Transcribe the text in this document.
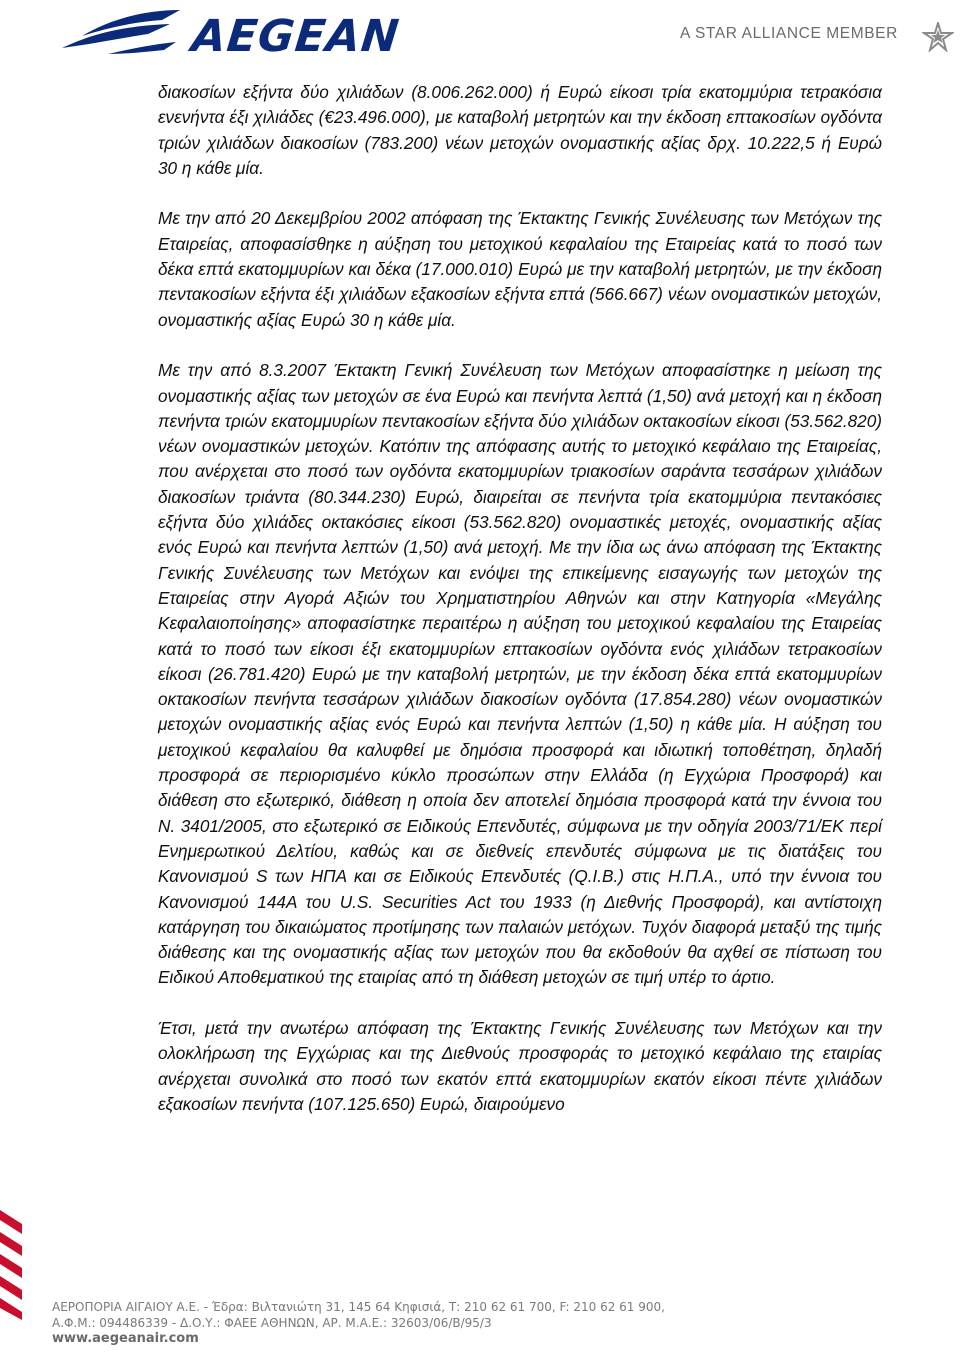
AEGEAN	A STAR ALLIANCE MEMBER

διακοσίων εξήντα δύο χιλιάδων (8.006.262.000) ή Ευρώ είκοσι τρία εκατομμύρια τετρακόσια ενενήντα έξι χιλιάδες (€23.496.000), με καταβολή μετρητών και την έκδοση επτακοσίων ογδόντα τριών χιλιάδων διακοσίων (783.200) νέων μετοχών ονομαστικής αξίας δρχ. 10.222,5 ή Ευρώ 30 η κάθε μία.

Με την από 20 Δεκεμβρίου 2002 απόφαση της Έκτακτης Γενικής Συνέλευσης των Μετόχων της Εταιρείας, αποφασίσθηκε η αύξηση του μετοχικού κεφαλαίου της Εταιρείας κατά το ποσό των δέκα επτά εκατομμυρίων και δέκα (17.000.010) Ευρώ με την καταβολή μετρητών, με την έκδοση πεντακοσίων εξήντα έξι χιλιάδων εξακοσίων εξήντα επτά (566.667) νέων ονομαστικών μετοχών, ονομαστικής αξίας Ευρώ 30 η κάθε μία.

Με την από 8.3.2007 Έκτακτη Γενική Συνέλευση των Μετόχων αποφασίστηκε η μείωση της ονομαστικής αξίας των μετοχών σε ένα Ευρώ και πενήντα λεπτά (1,50) ανά μετοχή και η έκδοση πενήντα τριών εκατομμυρίων πεντακοσίων εξήντα δύο χιλιάδων οκτακοσίων είκοσι (53.562.820) νέων ονομαστικών μετοχών. Κατόπιν της απόφασης αυτής το μετοχικό κεφάλαιο της Εταιρείας, που ανέρχεται στο ποσό των ογδόντα εκατομμυρίων τριακοσίων σαράντα τεσσάρων χιλιάδων διακοσίων τριάντα (80.344.230) Ευρώ, διαιρείται σε πενήντα τρία εκατομμύρια πεντακόσιες εξήντα δύο χιλιάδες οκτακόσιες είκοσι (53.562.820) ονομαστικές μετοχές, ονομαστικής αξίας ενός Ευρώ και πενήντα λεπτών (1,50) ανά μετοχή. Με την ίδια ως άνω απόφαση της Έκτακτης Γενικής Συνέλευσης των Μετόχων και ενόψει της επικείμενης εισαγωγής των μετοχών της Εταιρείας στην Αγορά Αξιών του Χρηματιστηρίου Αθηνών και στην Κατηγορία «Μεγάλης Κεφαλαιοποίησης» αποφασίστηκε περαιτέρω η αύξηση του μετοχικού κεφαλαίου της Εταιρείας κατά το ποσό των είκοσι έξι εκατομμυρίων επτακοσίων ογδόντα ενός χιλιάδων τετρακοσίων είκοσι (26.781.420) Ευρώ με την καταβολή μετρητών, με την έκδοση δέκα επτά εκατομμυρίων οκτακοσίων πενήντα τεσσάρων χιλιάδων διακοσίων ογδόντα (17.854.280) νέων ονομαστικών μετοχών ονομαστικής αξίας ενός Ευρώ και πενήντα λεπτών (1,50) η κάθε μία. Η αύξηση του μετοχικού κεφαλαίου θα καλυφθεί με δημόσια προσφορά και ιδιωτική τοποθέτηση, δηλαδή προσφορά σε περιορισμένο κύκλο προσώπων στην Ελλάδα (η Εγχώρια Προσφορά) και διάθεση στο εξωτερικό, διάθεση η οποία δεν αποτελεί δημόσια προσφορά κατά την έννοια του Ν. 3401/2005, στο εξωτερικό σε Ειδικούς Επενδυτές, σύμφωνα με την οδηγία 2003/71/ΕΚ περί Ενημερωτικού Δελτίου, καθώς και σε διεθνείς επενδυτές σύμφωνα με τις διατάξεις του Κανονισμού S των ΗΠΑ και σε Ειδικούς Επενδυτές (Q.I.B.) στις Η.Π.Α., υπό την έννοια του Κανονισμού 144Α του U.S. Securities Act του 1933 (η Διεθνής Προσφορά), και αντίστοιχη κατάργηση του δικαιώματος προτίμησης των παλαιών μετόχων. Τυχόν διαφορά μεταξύ της τιμής διάθεσης και της ονομαστικής αξίας των μετοχών που θα εκδοθούν θα αχθεί σε πίστωση του Ειδικού Αποθεματικού της εταιρίας από τη διάθεση μετοχών σε τιμή υπέρ το άρτιο.

Έτσι, μετά την ανωτέρω απόφαση της Έκτακτης Γενικής Συνέλευσης των Μετόχων και την ολοκλήρωση της Εγχώριας και της Διεθνούς προσφοράς το μετοχικό κεφάλαιο της εταιρίας ανέρχεται συνολικά στο ποσό των εκατόν επτά εκατομμυρίων εκατόν είκοσι πέντε χιλιάδων εξακοσίων πενήντα (107.125.650) Ευρώ, διαιρούμενο

ΑΕΡΟΠΟΡΙΑ ΑΙΓΑΙΟΥ Α.Ε. - Έδρα: Βιλτανιώτη 31, 145 64 Κηφισιά, Τ: 210 62 61 700, F: 210 62 61 900,
Α.Φ.Μ.: 094486339 - Δ.Ο.Υ.: ΦΑΕΕ ΑΘΗΝΩΝ, ΑΡ. Μ.Α.Ε.: 32603/06/Β/95/3
www.aegeanair.com
